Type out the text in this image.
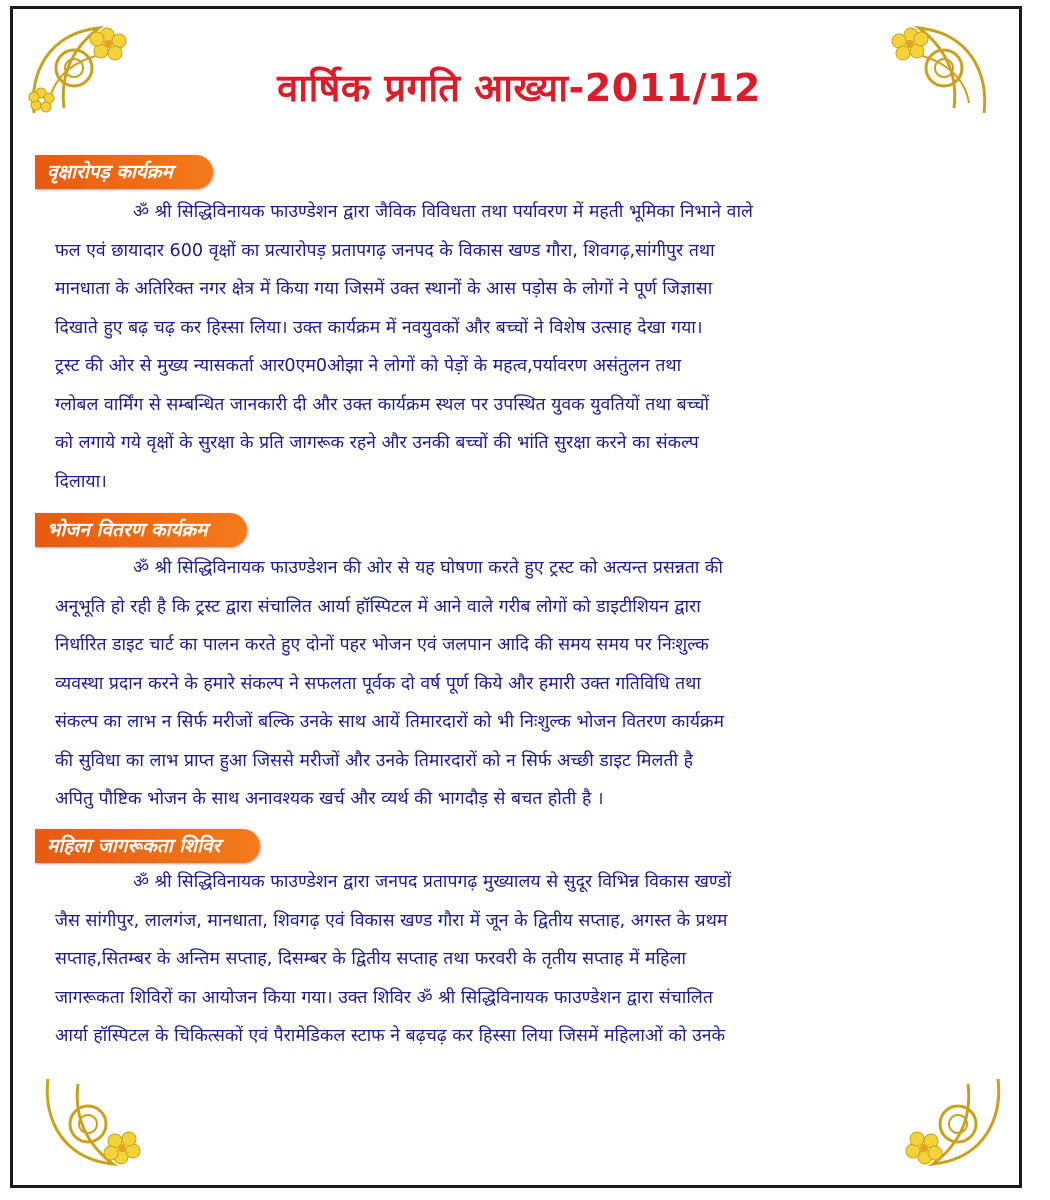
वार्षिक प्रगति आख्या-2011/12
वृक्षारोपड़ कार्यक्रम
ॐ श्री सिद्धिविनायक फाउण्डेशन द्वारा जैविक विविधता तथा पर्यावरण में महती भूमिका निभाने वाले
फल एवं छायादार 600 वृक्षों का प्रत्यारोपड़ प्रतापगढ़ जनपद के विकास खण्ड गौरा, शिवगढ़,सांगीपुर तथा
मानधाता के अतिरिक्त नगर क्षेत्र में किया गया जिसमें उक्त स्थानों के आस पड़ोस के लोगों ने पूर्ण जिज्ञासा
दिखाते हुए बढ़ चढ़ कर हिस्सा लिया। उक्त कार्यक्रम में नवयुवकों और बच्चों ने विशेष उत्साह देखा गया।
ट्रस्ट की ओर से मुख्य न्यासकर्ता आर0एम0ओझा ने लोगों को पेड़ों के महत्व,पर्यावरण असंतुलन तथा
ग्लोबल वार्मिंग से सम्बन्धित जानकारी दी और उक्त कार्यक्रम स्थल पर उपस्थित युवक युवतियों तथा बच्चों
को लगाये गये वृक्षों के सुरक्षा के प्रति जागरूक रहने और उनकी बच्चों की भांति सुरक्षा करने का संकल्प
दिलाया।
भोजन वितरण कार्यक्रम
ॐ श्री सिद्धिविनायक फाउण्डेशन की ओर से यह घोषणा करते हुए ट्रस्ट को अत्यन्त प्रसन्नता की
अनूभूति हो रही है कि ट्रस्ट द्वारा संचालित आर्या हॉस्पिटल में आने वाले गरीब लोगों को डाइटीशियन द्वारा
निर्धारित डाइट चार्ट का पालन करते हुए दोनों पहर भोजन एवं जलपान आदि की समय समय पर निःशुल्क
व्यवस्था प्रदान करने के हमारे संकल्प ने सफलता पूर्वक दो वर्ष पूर्ण किये और हमारी उक्त गतिविधि तथा
संकल्प का लाभ न सिर्फ मरीजों बल्कि उनके साथ आयें तिमारदारों को भी निःशुल्क भोजन वितरण कार्यक्रम
की सुविधा का लाभ प्राप्त हुआ जिससे मरीजों और उनके तिमारदारों को न सिर्फ अच्छी डाइट मिलती है
अपितु पौष्टिक भोजन के साथ अनावश्यक खर्च और व्यर्थ की भागदौड़ से बचत होती है ।
महिला जागरूकता शिविर
ॐ श्री सिद्धिविनायक फाउण्डेशन द्वारा जनपद प्रतापगढ़ मुख्यालय से सुदूर विभिन्न विकास खण्डों
जैस सांगीपुर, लालगंज, मानधाता, शिवगढ़ एवं विकास खण्ड गौरा में जून के द्वितीय सप्ताह, अगस्त के प्रथम
सप्ताह,सितम्बर के अन्तिम सप्ताह, दिसम्बर के द्वितीय सप्ताह तथा फरवरी के तृतीय सप्ताह में महिला
जागरूकता शिविरों का आयोजन किया गया। उक्त शिविर ॐ श्री सिद्धिविनायक फाउण्डेशन द्वारा संचालित
आर्या हॉस्पिटल के चिकित्सकों एवं पैरामेडिकल स्टाफ ने बढ़चढ़ कर हिस्सा लिया जिसमें महिलाओं को उनके
